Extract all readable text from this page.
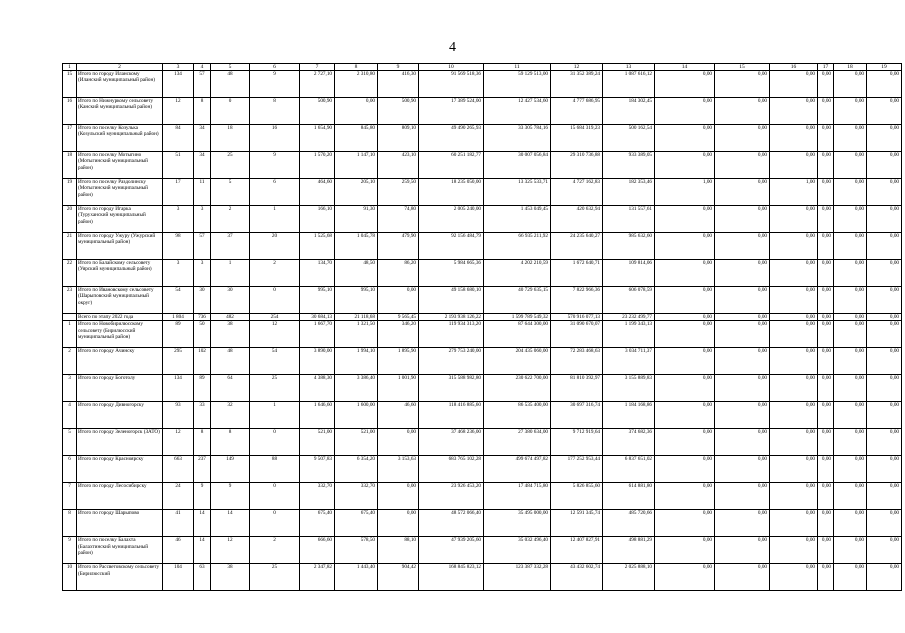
4
1	2	3	4	5	6	7	8	9	10	11	12	13	14	15	16	17	18	19
15	Итого по городу Иланскому (Иланский муниципальный район)	134	57	48	9	2 727,10	2 310,80	416,30	91 569 518,36	59 129 513,00	31 352 389,24	1 087 616,12	0,00	0,00	0,00	0,00	0,00	0,00
16	Итого по Нижнуркому сельсовету (Канский муниципальный район)	12	8	0	8	500,90	0,00	500,90	17 389 524,00	12 427 534,60	4 777 686,95	184 302,45	0,00	0,00	0,00	0,00	0,00	0,00
17	Итого по поселку Козулька (Козульский муниципальный район)	84	34	18	16	1 654,90	845,80	809,10	49 490 265,93	33 305 784,16	15 684 319,23	500 162,54	0,00	0,00	0,00	0,00	0,00	0,00
18	Итого по поселку Мотыгино (Мотыгинский муниципальный район)	51	34	25	9	1 570,20	1 147,10	423,10	60 251 182,77	30 007 056,84	29 310 736,88	933 389,05	0,00	0,00	0,00	0,00	0,00	0,00
19	Итого по поселку Раздолинску (Мотыгинский муниципальный район)	17	11	5	6	464,60	205,10	259,50	18 235 050,00	13 325 533,71	4 727 162,83	182 353,46	1,00	0,00	1,00	0,00	0,00	0,00
20	Итого по городу Игарка (Туруханский муниципальный район)	3	3	2	1	166,10	91,30	74,80	2 005 240,00	1 453 049,45	420 632,94	131 557,61	0,00	0,00	0,00	0,00	0,00	0,00
21	Итого по городу Ужуру (Ужурский муниципальный район)	98	57	37	20	1 525,68	1 045,78	479,90	92 156 484,79	66 935 211,92	24 235 640,27	985 632,60	0,00	0,00	0,00	0,00	0,00	0,00
22	Итого по Балайскому сельсовету (Уярский муниципальный район)	3	3	1	2	134,70	48,50	86,20	5 984 665,36	4 202 210,59	1 672 640,71	109 814,06	0,00	0,00	0,00	0,00	0,00	0,00
23	Итого по Ивановскому сельсовету (Шарыповский муниципальный округ)	54	30	30	0	995,10	995,10	0,00	49 158 680,10	40 729 635,15	7 822 966,36	606 078,59	0,00	0,00	0,00	0,00	0,00	0,00
	Всего по этапу 2022 года	1 804	736	482	254	30 684,13	21 118,68	9 565,45	2 193 938 126,22	1 599 789 549,32	570 916 077,13	23 232 499,77	0,00	0,00	0,00	0,00	0,00	0,00
1	Итого по Новобирилюсскому сельсовету (Бирилюсский муниципальный район)	89	50	38	12	1 667,70	1 321,50	346,20	119 934 313,20	87 644 300,00	31 090 670,07	1 199 343,13	0,00	0,00	0,00	0,00	0,00	0,00
2	Итого по городу Ачинску	295	102	48	54	3 890,00	1 994,10	1 895,90	279 753 240,00	204 435 060,00	72 283 468,63	3 034 711,37	0,00	0,00	0,00	0,00	0,00	0,00
3	Итого по городу Боготолу	134	89	64	25	4 388,30	3 386,40	1 001,90	315 588 982,80	230 622 700,00	81 810 392,97	3 155 889,83	0,00	0,00	0,00	0,00	0,00	0,00
4	Итого по городу Дивногорску	93	33	32	1	1 646,60	1 600,00	46,60	118 416 885,60	86 535 400,00	30 697 316,74	1 184 168,86	0,00	0,00	0,00	0,00	0,00	0,00
5	Итого по городу Зеленогорск (ЗАТО)	12	8	8	0	521,00	521,00	0,00	37 468 236,00	27 380 634,00	9 712 919,64	374 682,36	0,00	0,00	0,00	0,00	0,00	0,00
6	Итого по городу Красноярску	663	237	149	88	9 507,83	6 354,20	3 153,63	683 765 102,28	499 674 497,82	177 252 953,44	6 837 651,02	0,00	0,00	0,00	0,00	0,00	0,00
7	Итого по городу Лесосибирску	24	9	9	0	332,70	332,70	0,00	23 926 453,20	17 484 715,80	5 826 855,60	614 881,80	0,00	0,00	0,00	0,00	0,00	0,00
8	Итого по городу Шарыпово	41	14	14	0	675,40	675,40	0,00	48 572 066,40	35 495 000,00	12 591 345,74	485 720,66	0,00	0,00	0,00	0,00	0,00	0,00
9	Итого по поселку Балахта (Балахтинский муниципальный район)	46	14	12	2	666,60	578,50	88,10	47 939 205,60	35 032 496,40	12 407 827,91	498 881,29	0,00	0,00	0,00	0,00	0,00	0,00
10	Итого по Рассветовскому сельсовету (Бирилюсский	104	63	38	25	2 347,82	1 443,40	904,42	168 845 823,12	123 387 332,28	43 432 602,74	2 025 888,10	0,00	0,00	0,00	0,00	0,00	0,00
